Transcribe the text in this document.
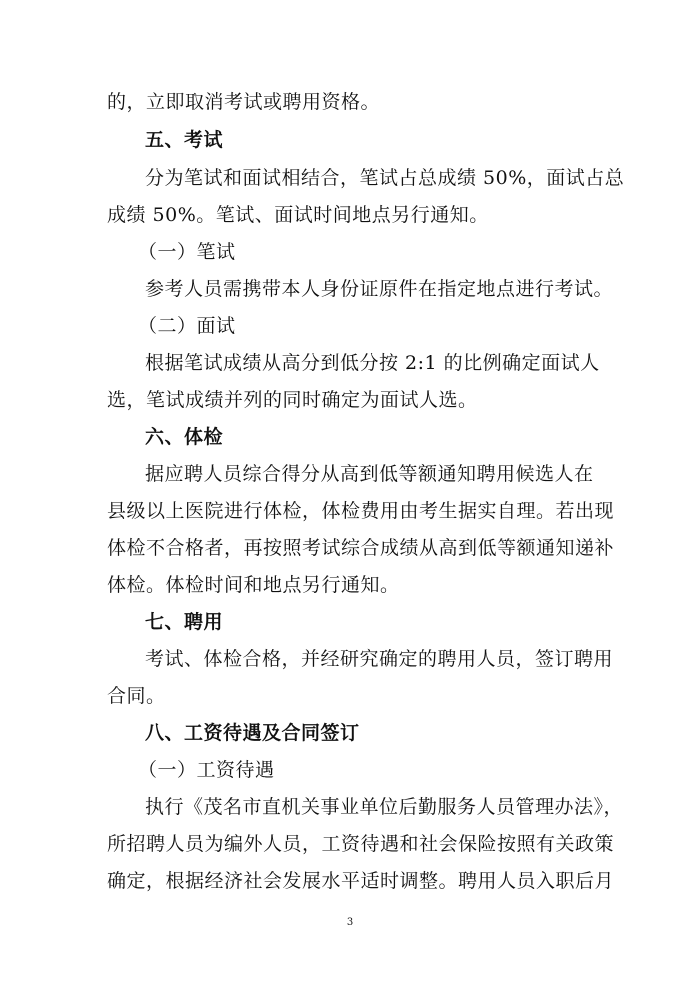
的，立即取消考试或聘用资格。
五、考试
分为笔试和面试相结合，笔试占总成绩 50%，面试占总
成绩 50%。笔试、面试时间地点另行通知。
（一）笔试
参考人员需携带本人身份证原件在指定地点进行考试。
（二）面试
根据笔试成绩从高分到低分按 2:1 的比例确定面试人
选，笔试成绩并列的同时确定为面试人选。
六、体检
据应聘人员综合得分从高到低等额通知聘用候选人在
县级以上医院进行体检，体检费用由考生据实自理。若出现
体检不合格者，再按照考试综合成绩从高到低等额通知递补
体检。体检时间和地点另行通知。
七、聘用
考试、体检合格，并经研究确定的聘用人员，签订聘用
合同。
八、工资待遇及合同签订
（一）工资待遇
执行《茂名市直机关事业单位后勤服务人员管理办法》，
所招聘人员为编外人员，工资待遇和社会保险按照有关政策
确定，根据经济社会发展水平适时调整。聘用人员入职后月
3
